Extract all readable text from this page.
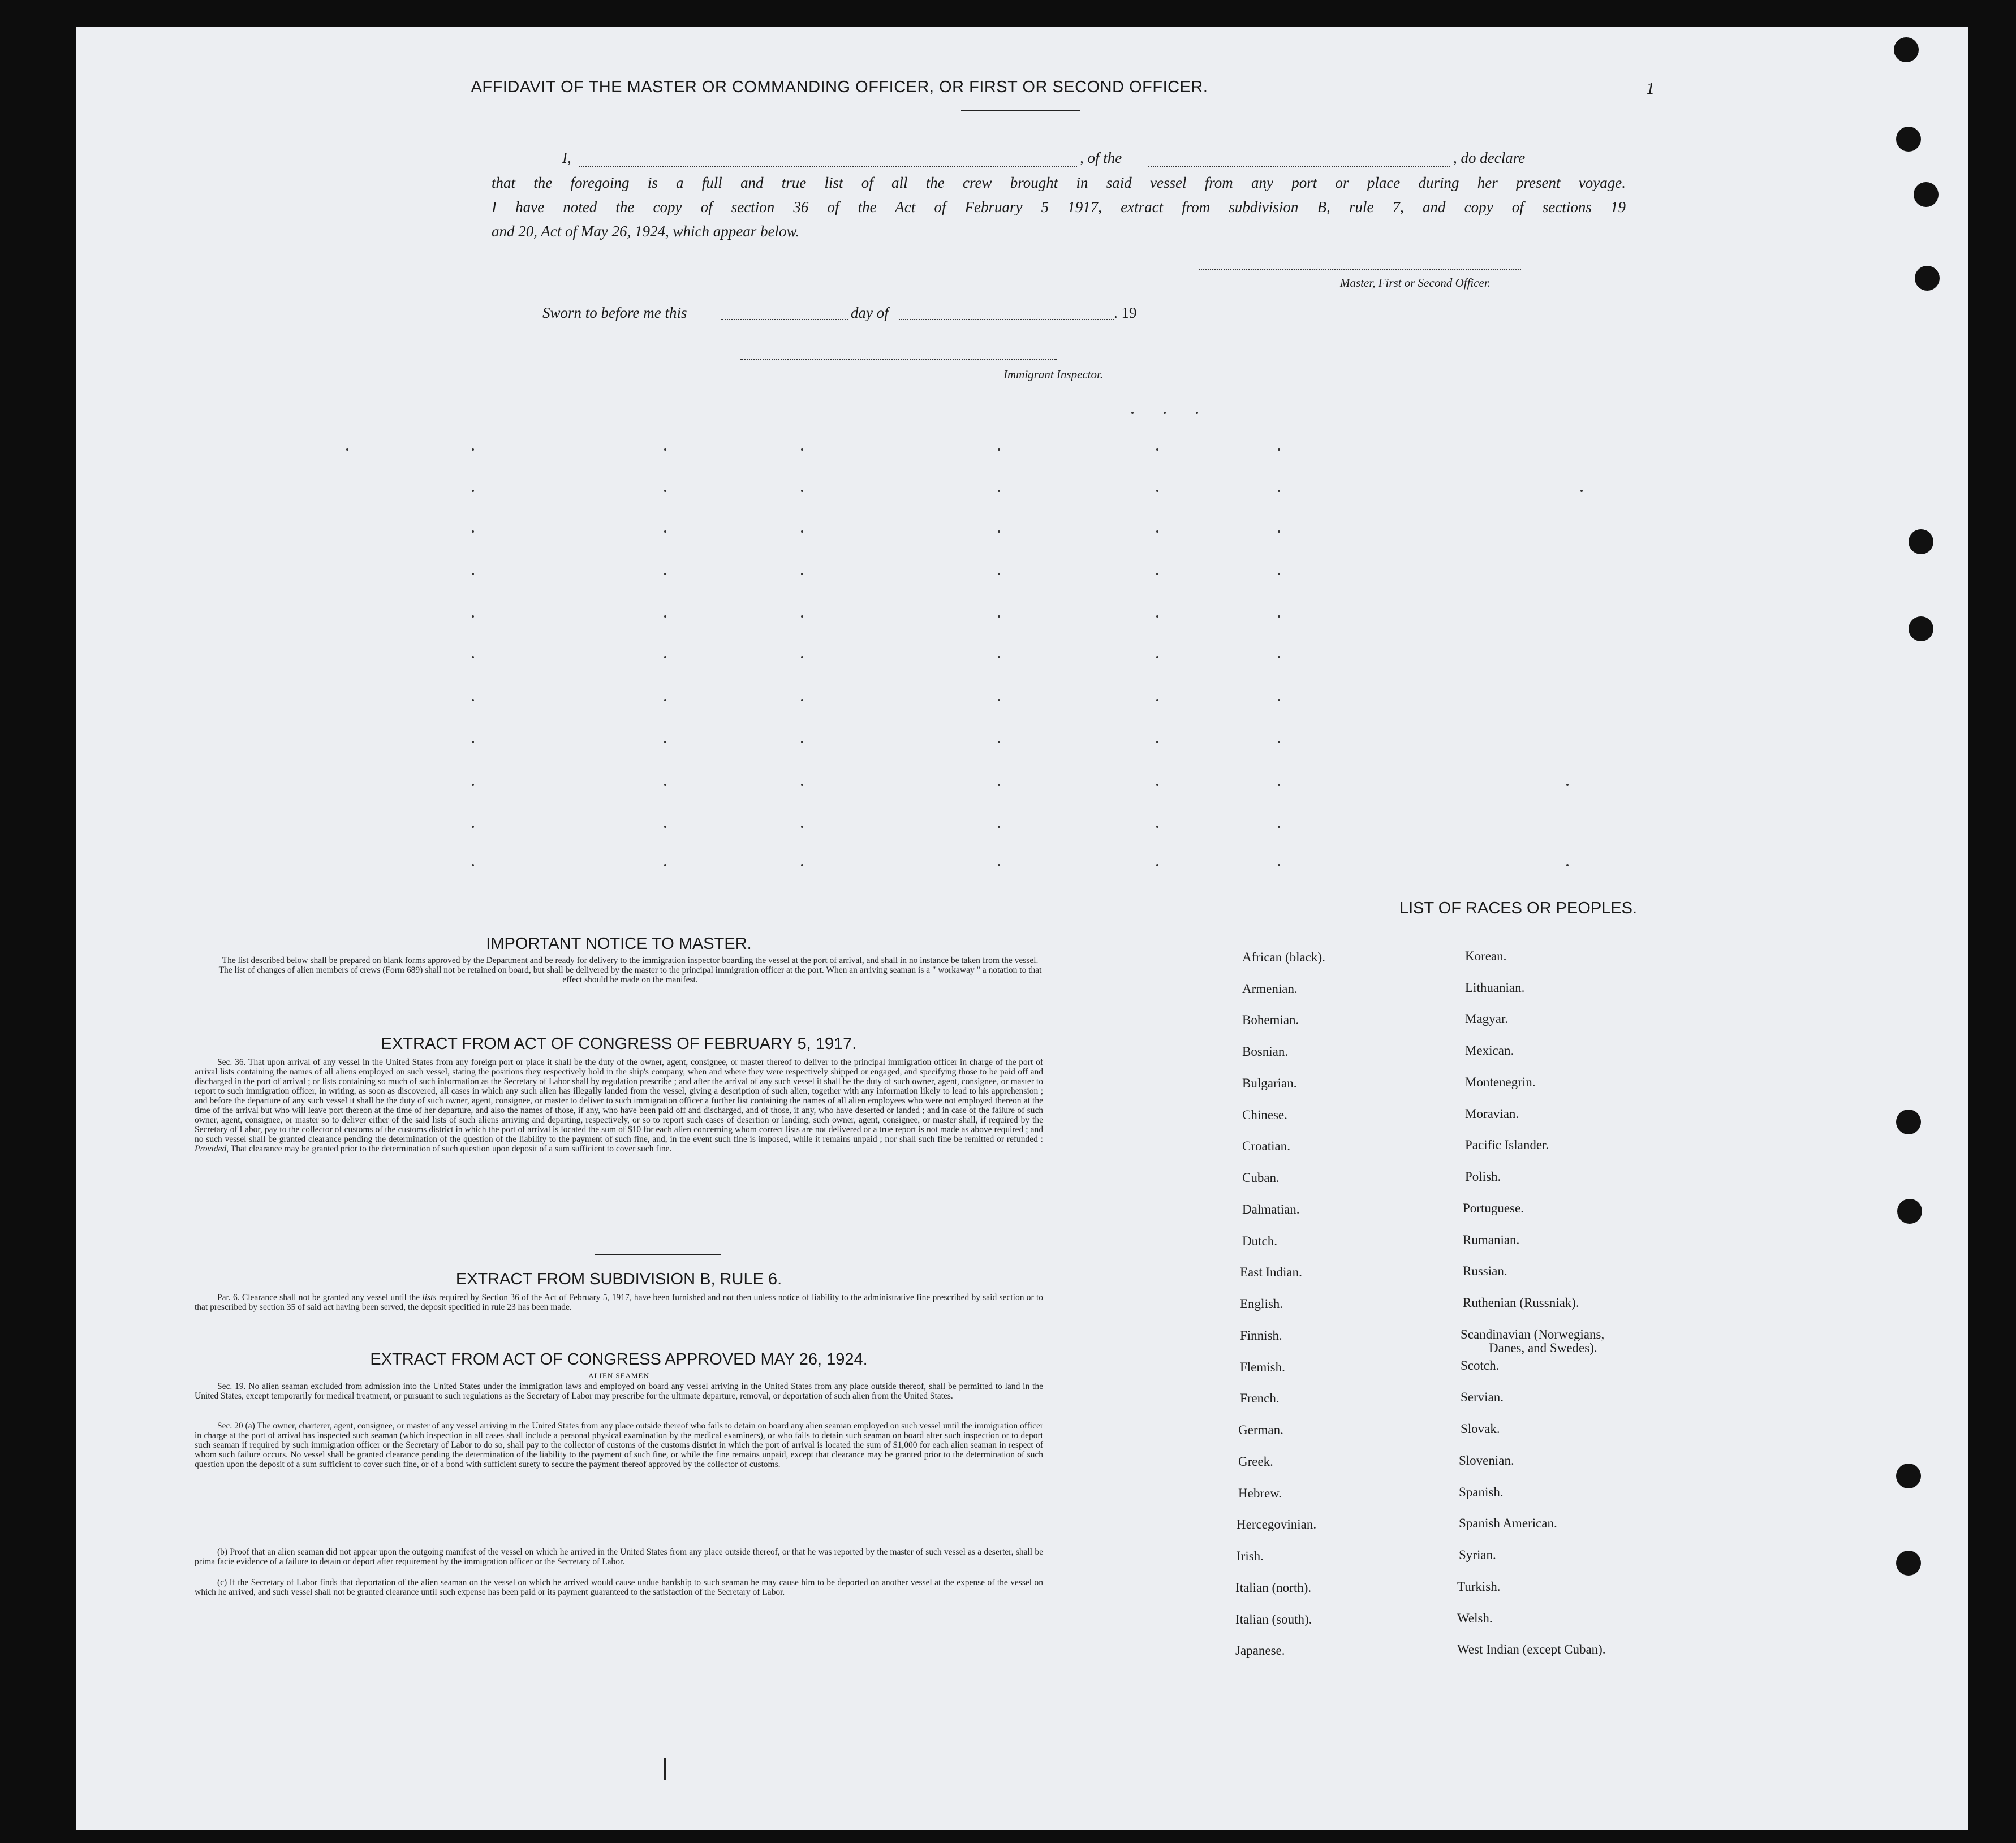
AFFIDAVIT OF THE MASTER OR COMMANDING OFFICER, OR FIRST OR SECOND OFFICER.	1
I,	, of the	, do declare
that the foregoing is a full and true list of all the crew brought in said vessel from any port or place during her present voyage.
I have noted the copy of section 36 of the Act of February 5 1917, extract from subdivision B, rule 7, and copy of sections 19
and 20, Act of May 26, 1924, which appear below.
Master, First or Second Officer.
Sworn to before me this	day of	. 19
Immigrant Inspector.
IMPORTANT NOTICE TO MASTER.
The list described below shall be prepared on blank forms approved by the Department and be ready for delivery to the immigration inspector boarding the vessel at the port of arrival, and shall in no instance be taken from the vessel. The list of changes of alien members of crews (Form 689) shall not be retained on board, but shall be delivered by the master to the principal immigration officer at the port. When an arriving seaman is a " workaway " a notation to that effect should be made on the manifest.
EXTRACT FROM ACT OF CONGRESS OF FEBRUARY 5, 1917.
Sec. 36. That upon arrival of any vessel in the United States from any foreign port or place it shall be the duty of the owner, agent, consignee, or master thereof to deliver to the principal immigration officer in charge of the port of arrival lists containing the names of all aliens employed on such vessel, stating the positions they respectively hold in the ship's company, when and where they were respectively shipped or engaged, and specifying those to be paid off and discharged in the port of arrival ; or lists containing so much of such information as the Secretary of Labor shall by regulation prescribe ; and after the arrival of any such vessel it shall be the duty of such owner, agent, consignee, or master to report to such immigration officer, in writing, as soon as discovered, all cases in which any such alien has illegally landed from the vessel, giving a description of such alien, together with any information likely to lead to his apprehension ; and before the departure of any such vessel it shall be the duty of such owner, agent, consignee, or master to deliver to such immigration officer a further list containing the names of all alien employees who were not employed thereon at the time of the arrival but who will leave port thereon at the time of her departure, and also the names of those, if any, who have been paid off and discharged, and of those, if any, who have deserted or landed ; and in case of the failure of such owner, agent, consignee, or master so to deliver either of the said lists of such aliens arriving and departing, respectively, or so to report such cases of desertion or landing, such owner, agent, consignee, or master shall, if required by the Secretary of Labor, pay to the collector of customs of the customs district in which the port of arrival is located the sum of $10 for each alien concerning whom correct lists are not delivered or a true report is not made as above required ; and no such vessel shall be granted clearance pending the determination of the question of the liability to the payment of such fine, and, in the event such fine is imposed, while it remains unpaid ; nor shall such fine be remitted or refunded : Provided, That clearance may be granted prior to the determination of such question upon deposit of a sum sufficient to cover such fine.
EXTRACT FROM SUBDIVISION B, RULE 6.
Par. 6. Clearance shall not be granted any vessel until the lists required by Section 36 of the Act of February 5, 1917, have been furnished and not then unless notice of liability to the administrative fine prescribed by said section or to that prescribed by section 35 of said act having been served, the deposit specified in rule 23 has been made.
EXTRACT FROM ACT OF CONGRESS APPROVED MAY 26, 1924.
ALIEN SEAMEN
Sec. 19. No alien seaman excluded from admission into the United States under the immigration laws and employed on board any vessel arriving in the United States from any place outside thereof, shall be permitted to land in the United States, except temporarily for medical treatment, or pursuant to such regulations as the Secretary of Labor may prescribe for the ultimate departure, removal, or deportation of such alien from the United States.
Sec. 20 (a) The owner, charterer, agent, consignee, or master of any vessel arriving in the United States from any place outside thereof who fails to detain on board any alien seaman employed on such vessel until the immigration officer in charge at the port of arrival has inspected such seaman (which inspection in all cases shall include a personal physical examination by the medical examiners), or who fails to detain such seaman on board after such inspection or to deport such seaman if required by such immigration officer or the Secretary of Labor to do so, shall pay to the collector of customs of the customs district in which the port of arrival is located the sum of $1,000 for each alien seaman in respect of whom such failure occurs. No vessel shall be granted clearance pending the determination of the liability to the payment of such fine, or while the fine remains unpaid, except that clearance may be granted prior to the determination of such question upon the deposit of a sum sufficient to cover such fine, or of a bond with sufficient surety to secure the payment thereof approved by the collector of customs.
(b) Proof that an alien seaman did not appear upon the outgoing manifest of the vessel on which he arrived in the United States from any place outside thereof, or that he was reported by the master of such vessel as a deserter, shall be prima facie evidence of a failure to detain or deport after requirement by the immigration officer or the Secretary of Labor.
(c) If the Secretary of Labor finds that deportation of the alien seaman on the vessel on which he arrived would cause undue hardship to such seaman he may cause him to be deported on another vessel at the expense of the vessel on which he arrived, and such vessel shall not be granted clearance until such expense has been paid or its payment guaranteed to the satisfaction of the Secretary of Labor.
LIST OF RACES OR PEOPLES.
African (black).
Armenian.
Bohemian.
Bosnian.
Bulgarian.
Chinese.
Croatian.
Cuban.
Dalmatian.
Dutch.
East Indian.
English.
Finnish.
Flemish.
French.
German.
Greek.
Hebrew.
Hercegovinian.
Irish.
Italian (north).
Italian (south).
Japanese.
Korean.
Lithuanian.
Magyar.
Mexican.
Montenegrin.
Moravian.
Pacific Islander.
Polish.
Portuguese.
Rumanian.
Russian.
Ruthenian (Russniak).
Scandinavian (Norwegians,
Danes, and Swedes).
Scotch.
Servian.
Slovak.
Slovenian.
Spanish.
Spanish American.
Syrian.
Turkish.
Welsh.
West Indian (except Cuban).
